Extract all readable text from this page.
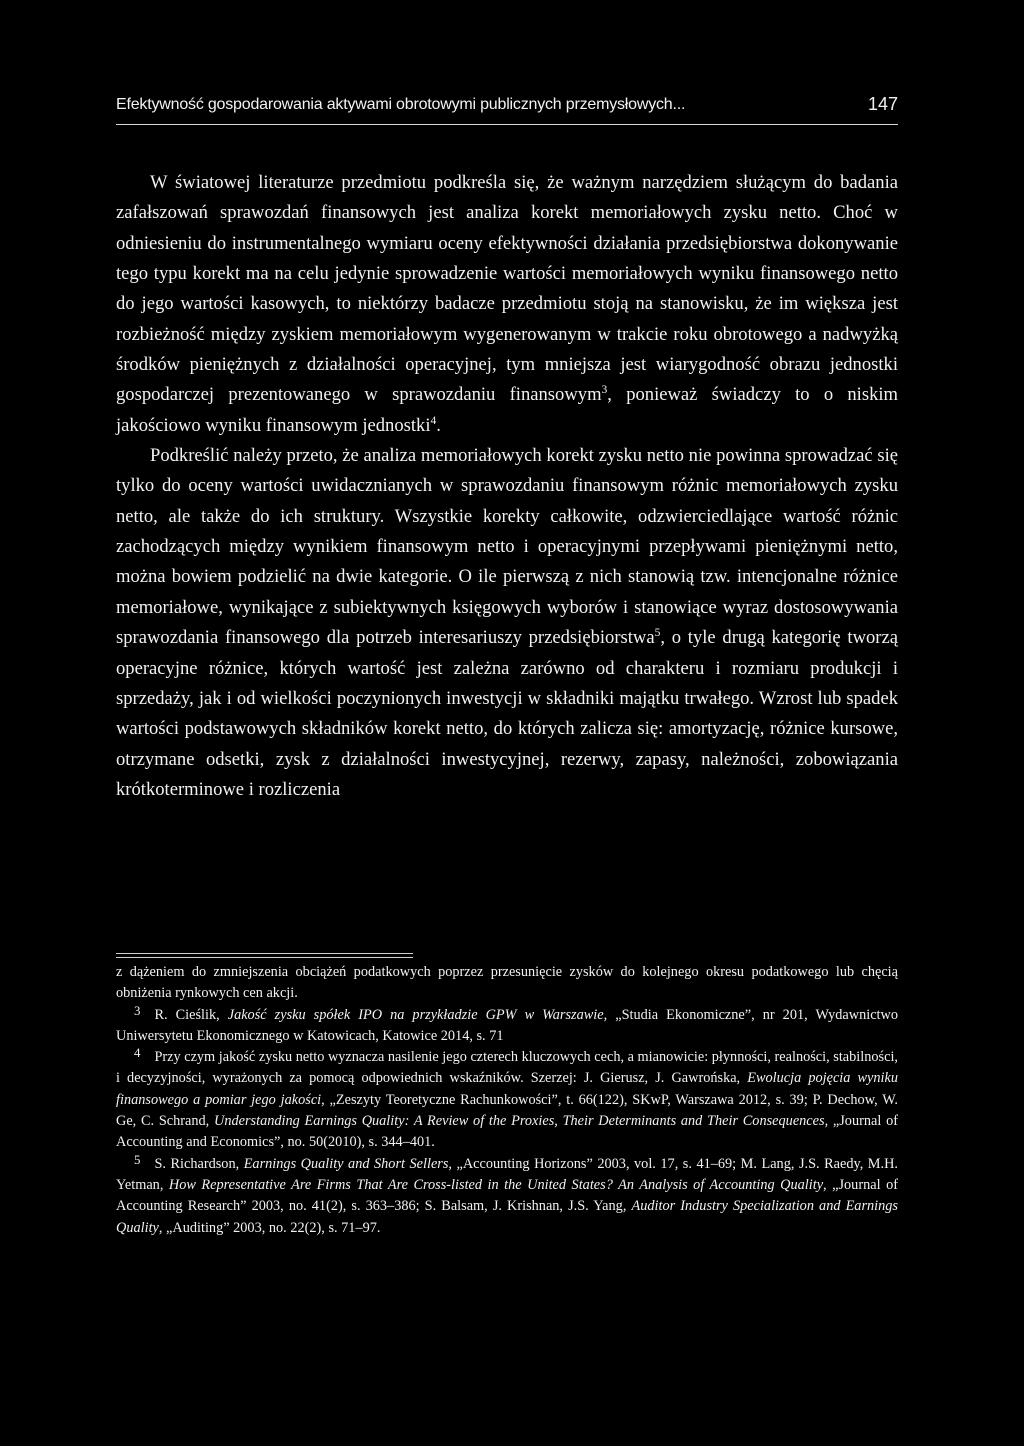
Efektywność gospodarowania aktywami obrotowymi publicznych przemysłowych...	147

W światowej literaturze przedmiotu podkreśla się, że ważnym narzędziem służącym do badania zafałszowań sprawozdań finansowych jest analiza korekt memoriałowych zysku netto. Choć w odniesieniu do instrumentalnego wymiaru oceny efektywności działania przedsiębiorstwa dokonywanie tego typu korekt ma na celu jedynie sprowadzenie wartości memoriałowych wyniku finansowego netto do jego wartości kasowych, to niektórzy badacze przedmiotu stoją na stanowisku, że im większa jest rozbieżność między zyskiem memoriałowym wygenerowanym w trakcie roku obrotowego a nadwyżką środków pieniężnych z działalności operacyjnej, tym mniejsza jest wiarygodność obrazu jednostki gospodarczej prezentowanego w sprawozdaniu finansowym$^3$, ponieważ świadczy to o niskim jakościowo wyniku finansowym jednostki$^4$.

Podkreślić należy przeto, że analiza memoriałowych korekt zysku netto nie powinna sprowadzać się tylko do oceny wartości uwidacznianych w sprawozdaniu finansowym różnic memoriałowych zysku netto, ale także do ich struktury. Wszystkie korekty całkowite, odzwierciedlające wartość różnic zachodzących między wynikiem finansowym netto i operacyjnymi przepływami pieniężnymi netto, można bowiem podzielić na dwie kategorie. O ile pierwszą z nich stanowią tzw. intencjonalne różnice memoriałowe, wynikające z subiektywnych księgowych wyborów i stanowiące wyraz dostosowywania sprawozdania finansowego dla potrzeb interesariuszy przedsiębiorstwa$^5$, o tyle drugą kategorię tworzą operacyjne różnice, których wartość jest zależna zarówno od charakteru i rozmiaru produkcji i sprzedaży, jak i od wielkości poczynionych inwestycji w składniki majątku trwałego. Wzrost lub spadek wartości podstawowych składników korekt netto, do których zalicza się: amortyzację, różnice kursowe, otrzymane odsetki, zysk z działalności inwestycyjnej, rezerwy, zapasy, należności, zobowiązania krótkoterminowe i rozliczenia

z dążeniem do zmniejszenia obciążeń podatkowych poprzez przesunięcie zysków do kolejnego okresu podatkowego lub chęcią obniżenia rynkowych cen akcji.

3 R. Cieślik, Jakość zysku spółek IPO na przykładzie GPW w Warszawie, „Studia Ekonomiczne”, nr 201, Wydawnictwo Uniwersytetu Ekonomicznego w Katowicach, Katowice 2014, s. 71

4 Przy czym jakość zysku netto wyznacza nasilenie jego czterech kluczowych cech, a mianowicie: płynności, realności, stabilności, i decyzyjności, wyrażonych za pomocą odpowiednich wskaźników. Szerzej: J. Gierusz, J. Gawrońska, Ewolucja pojęcia wyniku finansowego a pomiar jego jakości, „Zeszyty Teoretyczne Rachunkowości”, t. 66(122), SKwP, Warszawa 2012, s. 39; P. Dechow, W. Ge, C. Schrand, Understanding Earnings Quality: A Review of the Proxies, Their Determinants and Their Consequences, „Journal of Accounting and Economics”, no. 50(2010), s. 344–401.

5 S. Richardson, Earnings Quality and Short Sellers, „Accounting Horizons” 2003, vol. 17, s. 41–69; M. Lang, J.S. Raedy, M.H. Yetman, How Representative Are Firms That Are Cross-listed in the United States? An Analysis of Accounting Quality, „Journal of Accounting Research” 2003, no. 41(2), s. 363–386; S. Balsam, J. Krishnan, J.S. Yang, Auditor Industry Specialization and Earnings Quality, „Auditing” 2003, no. 22(2), s. 71–97.
